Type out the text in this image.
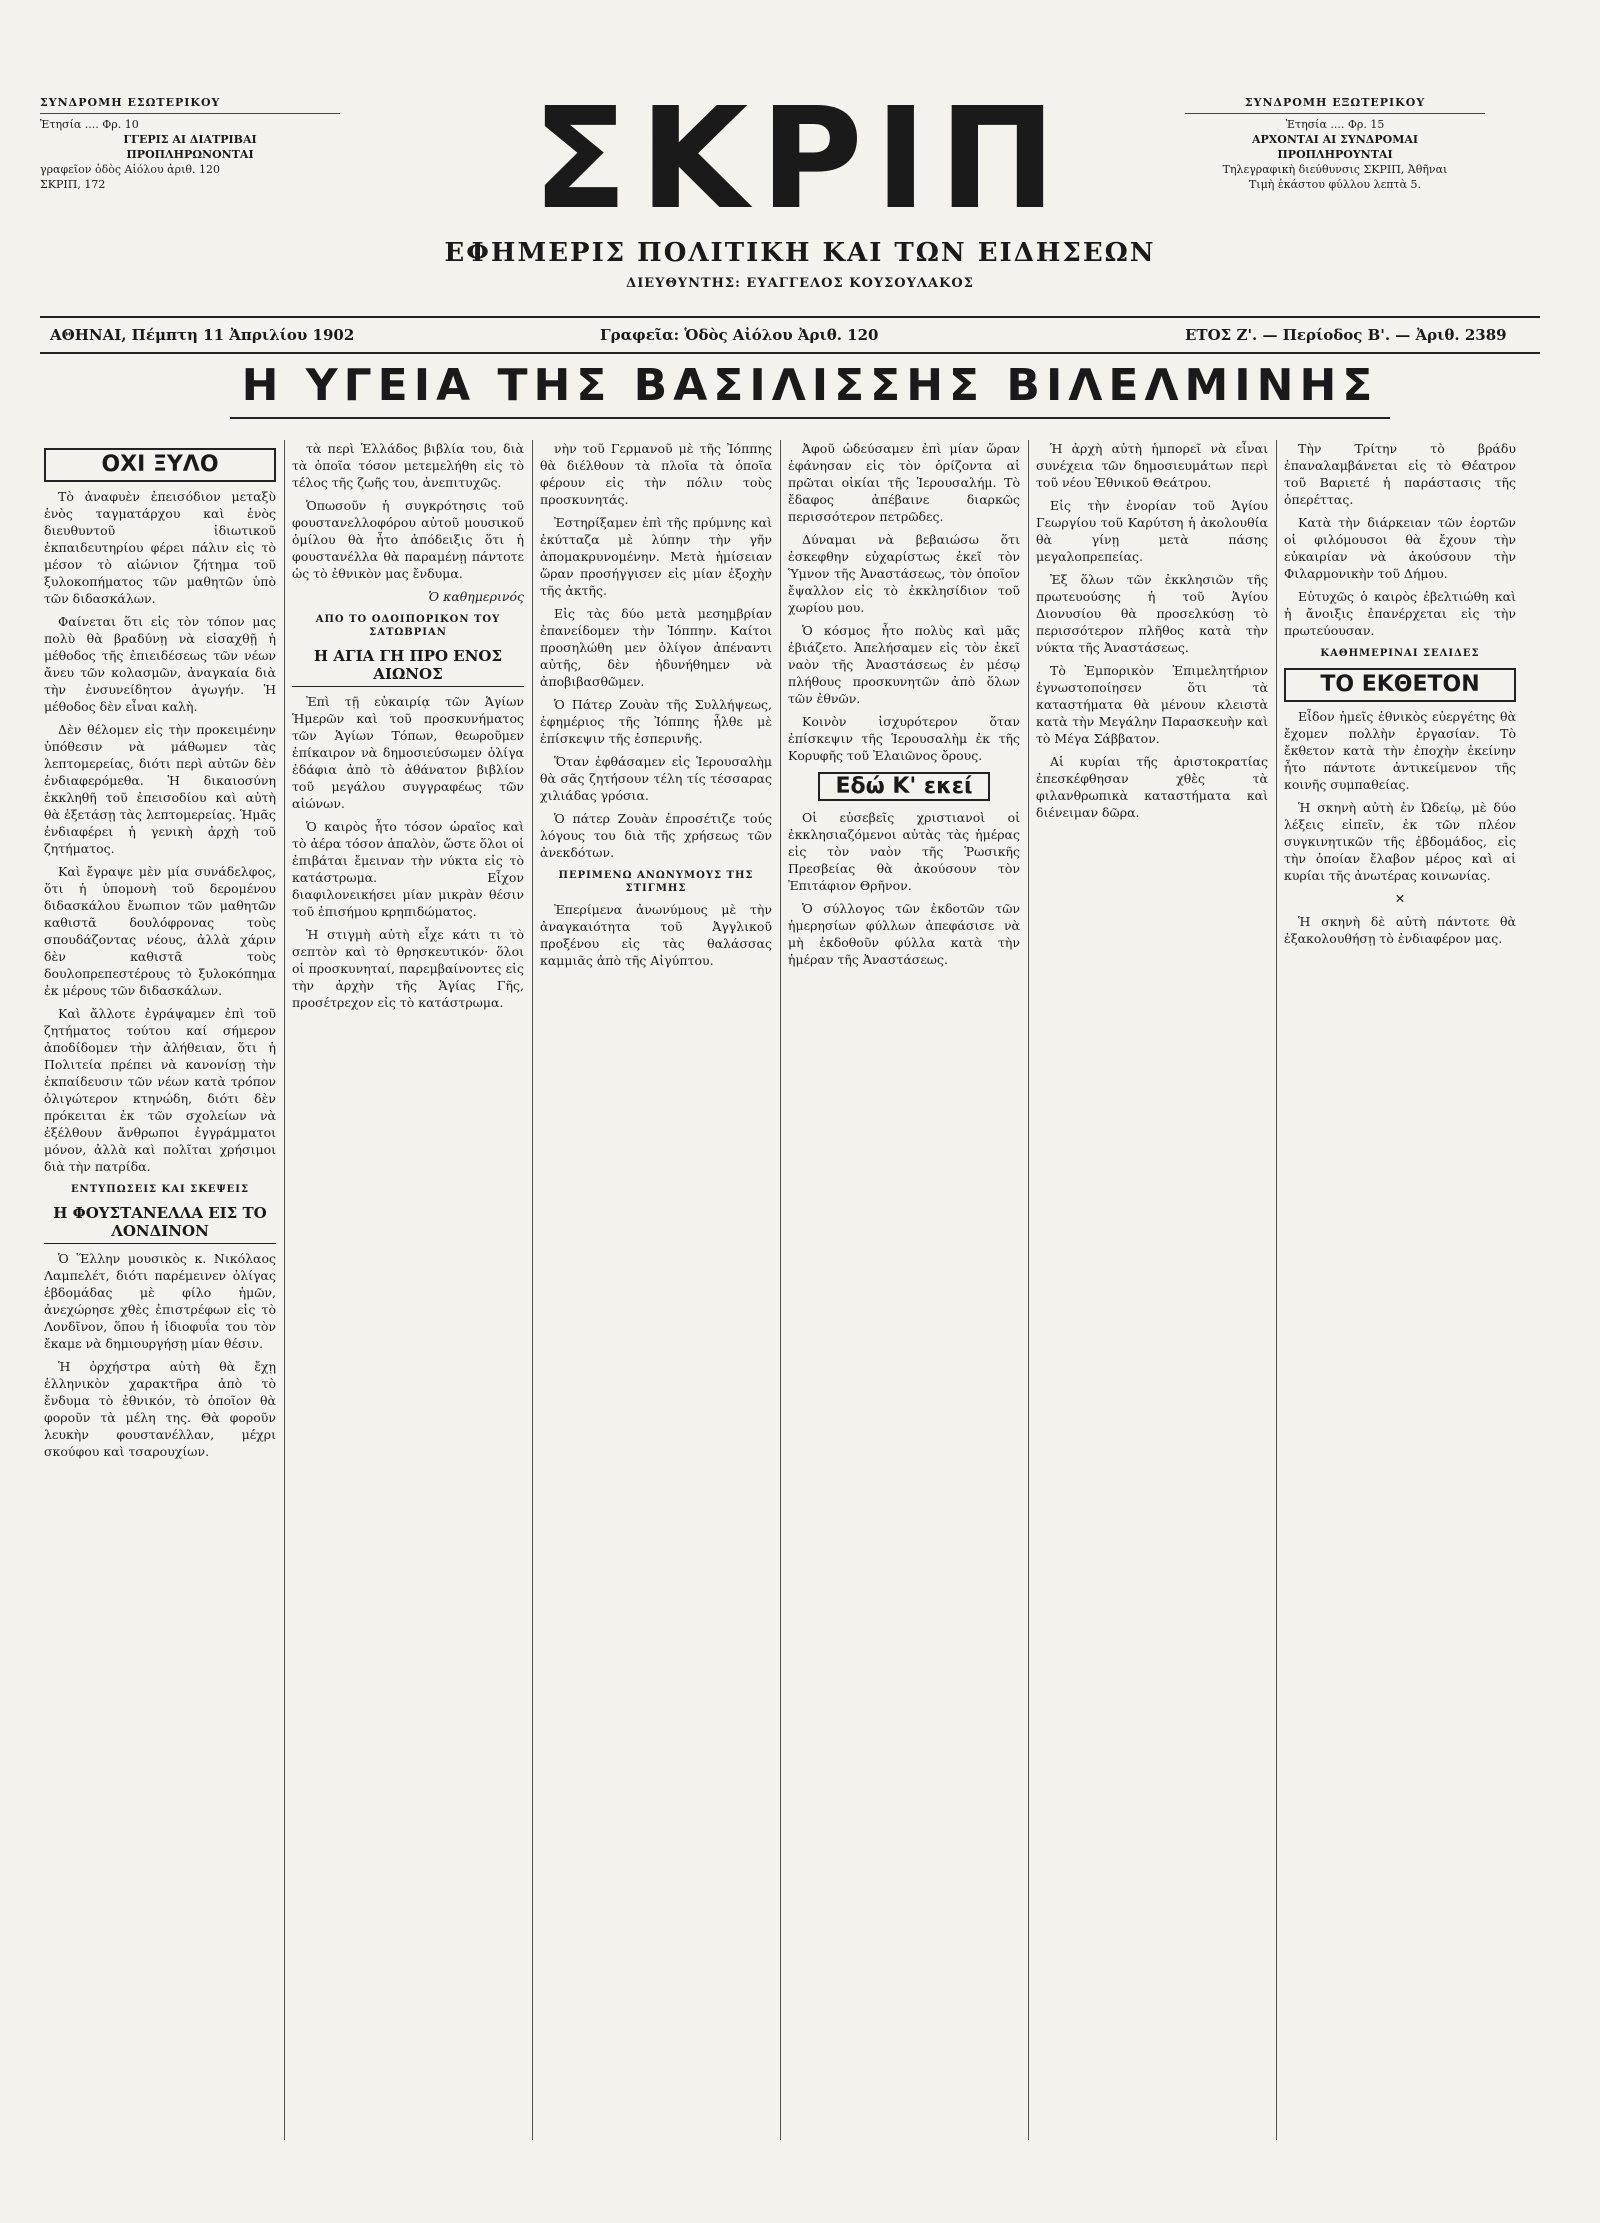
ΣΥΝΔΡΟΜΗ ΕΣΩΤΕΡΙΚΟΥ
Ἐτησία .... Φρ. 10
ΓΓΕΡΙΣ ΑΙ ΔΙΑΤΡΙΒΑΙ
ΠΡΟΠΛΗΡΩΝΟΝΤΑΙ
γραφεῖον ὁδὸς Αἰόλου ἀριθ. 120
ΣΚΡΙΠ, 172	ΣΚΡΙΠ
ΕΦΗΜΕΡΙΣ ΠΟΛΙΤΙΚΗ ΚΑΙ ΤΩΝ ΕΙΔΗΣΕΩΝ
ΔΙΕΥΘΥΝΤΗΣ: ΕΥΑΓΓΕΛΟΣ ΚΟΥΣΟΥΛΑΚΟΣ
ΣΥΝΔΡΟΜΗ ΕΞΩΤΕΡΙΚΟΥ
Ἐτησία .... Φρ. 15
ΑΡΧΟΝΤΑΙ ΑΙ ΣΥΝΔΡΟΜΑΙ
ΠΡΟΠΛΗΡΟΥΝΤΑΙ
Τηλεγραφικὴ διεύθυνσις ΣΚΡΙΠ, Ἀθῆναι
Τιμὴ ἑκάστου φύλλου λεπτὰ 5.
ΑΘΗΝΑΙ, Πέμπτη 11 Ἀπριλίου 1902	Γραφεῖα: Ὁδὸς Αἰόλου Ἀριθ. 120	ΕΤΟΣ Ζ'. — Περίοδος Β'. — Ἀριθ. 2389
Η ΥΓΕΙΑ ΤΗΣ ΒΑΣΙΛΙΣΣΗΣ ΒΙΛΕΛΜΙΝΗΣ
ΟΧΙ ΞΥΛΟ

Τὸ ἀναφυὲν ἐπεισόδιον μεταξὺ ἑνὸς ταγματάρχου καὶ ἑνὸς διευθυντοῦ ἰδιωτικοῦ ἐκπαιδευτηρίου φέρει πάλιν εἰς τὸ μέσον τὸ αἰώνιον ζήτημα τοῦ ξυλοκοπήματος τῶν μαθητῶν ὑπὸ τῶν διδασκάλων.

Φαίνεται ὅτι εἰς τὸν τόπον μας πολὺ θὰ βραδύνῃ νὰ εἰσαχθῇ ἡ μέθοδος τῆς ἐπιειδέσεως τῶν νέων ἄνευ τῶν κολασμῶν, ἀναγκαία διὰ τὴν ἐνσυνείδητον ἀγωγήν. Ἡ μέθοδος δὲν εἶναι καλὴ.

Δὲν θέλομεν εἰς τὴν προκειμένην ὑπόθεσιν νὰ μάθωμεν τὰς λεπτομερείας, διότι περὶ αὐτῶν δὲν ἐνδιαφερόμεθα. Ἡ δικαιοσύνη ἐκκληθῆ τοῦ ἐπεισοδίου καὶ αὐτὴ θὰ ἐξετάσῃ τὰς λεπτομερείας. Ἡμᾶς ἐνδιαφέρει ἡ γενικὴ ἀρχὴ τοῦ ζητήματος.

Καὶ ἔγραψε μὲν μία συνάδελφος, ὅτι ἡ ὑπομονὴ τοῦ δερομένου διδασκάλου ἔνωπιον τῶν μαθητῶν καθιστᾶ δουλόφρονας τοὺς σπουδάζοντας νέους, ἀλλὰ χάριν δὲν καθιστᾶ τοὺς δουλοπρεπεστέρους τὸ ξυλοκόπημα ἐκ μέρους τῶν διδασκάλων.

Καὶ ἄλλοτε ἐγράψαμεν ἐπὶ τοῦ ζητήματος τούτου καί σήμερον ἀποδίδομεν τὴν ἀλήθειαν, ὅτι ἡ Πολιτεία πρέπει νὰ κανονίσῃ τὴν ἐκπαίδευσιν τῶν νέων κατὰ τρόπον ὀλιγώτερον κτηνώδη, διότι δὲν πρόκειται ἐκ τῶν σχολείων νὰ ἐξέλθουν ἄνθρωποι ἐγγράμματοι μόνον, ἀλλὰ καὶ πολῖται χρήσιμοι διὰ τὴν πατρίδα.

ΕΝΤΥΠΩΣΕΙΣ ΚΑΙ ΣΚΕΨΕΙΣ
Η ΦΟΥΣΤΑΝΕΛΛΑ ΕΙΣ ΤΟ ΛΟΝΔΙΝΟΝ

Ὁ Ἕλλην μουσικὸς κ. Νικόλαος Λαμπελέτ, διότι παρέμεινεν ὀλίγας ἑβδομάδας μὲ φίλο ἡμῶν, ἀνεχώρησε χθὲς ἐπιστρέφων εἰς τὸ Λονδῖνον, ὅπου ἡ ἱδιοφυΐα του τὸν ἔκαμε νὰ δημιουργήσῃ μίαν θέσιν.

Ἡ ὀρχήστρα αὐτὴ θὰ ἔχῃ ἑλληνικὸν χαρακτῆρα ἀπὸ τὸ ἔνδυμα τὸ ἐθνικόν, τὸ ὁποῖον θὰ φοροῦν τὰ μέλη της. Θὰ φοροῦν λευκὴν φουστανέλλαν, μέχρι σκούφου καὶ τσαρουχίων.

τὰ περὶ Ἑλλάδος βιβλία του, διὰ τὰ ὁποῖα τόσον μετεμελήθη εἰς τὸ τέλος τῆς ζωῆς του, ἀνεπιτυχῶς.

Ὁπωσοῦν ἡ συγκρότησις τοῦ φουστανελλοφόρου αὐτοῦ μουσικοῦ ὁμίλου θὰ ἦτο ἀπόδειξις ὅτι ἡ φουστανέλλα θὰ παραμένῃ πάντοτε ὡς τὸ ἐθνικὸν μας ἔνδυμα.

Ὁ καθημερινός

ΑΠΟ ΤΟ ΟΔΟΙΠΟΡΙΚΟΝ ΤΟΥ ΣΑΤΩΒΡΙΑΝ
Η ΑΓΙΑ ΓΗ ΠΡΟ ΕΝΟΣ ΑΙΩΝΟΣ

Ἐπὶ τῇ εὐκαιρίᾳ τῶν Ἁγίων Ἡμερῶν καὶ τοῦ προσκυνήματος τῶν Ἁγίων Τόπων, θεωροῦμεν ἐπίκαιρον νὰ δημοσιεύσωμεν ὀλίγα ἐδάφια ἀπὸ τὸ ἀθάνατον βιβλίον τοῦ μεγάλου συγγραφέως τῶν αἰώνων.

Ὁ καιρὸς ἦτο τόσον ὡραῖος καὶ τὸ ἀέρα τόσον ἁπαλὸν, ὥστε ὅλοι οἱ ἐπιβάται ἔμειναν τὴν νύκτα εἰς τὸ κατάστρωμα. Εἶχον διαφιλονεικήσει μίαν μικρὰν θέσιν τοῦ ἐπισήμου κρηπιδώματος.

Ἡ στιγμὴ αὐτὴ εἶχε κάτι τι τὸ σεπτὸν καὶ τὸ θρησκευτικόν· ὅλοι οἱ προσκυνηταί, παρεμβαίνοντες εἰς τὴν ἀρχὴν τῆς Ἁγίας Γῆς, προσέτρεχον εἰς τὸ κατάστρωμα.

νὴν τοῦ Γερμανοῦ μὲ τῆς Ἰόππης θὰ διέλθουν τὰ πλοῖα τὰ ὁποῖα φέρουν εἰς τὴν πόλιν τοὺς προσκυνητάς.

Ἐστηρίξαμεν ἐπὶ τῆς πρύμνης καὶ ἐκύτταζα μὲ λύπην τὴν γῆν ἀπομακρυνομένην. Μετὰ ἡμίσειαν ὥραν προσήγγισεν εἰς μίαν ἐξοχὴν τῆς ἀκτῆς.

Εἰς τὰς δύο μετὰ μεσημβρίαν ἐπανείδομεν τὴν Ἰόππην. Καίτοι προσηλώθη μεν ὀλίγον ἀπέναντι αὐτῆς, δὲν ἠδυνήθημεν νὰ ἀποβιβασθῶμεν.

Ὁ Πάτερ Ζουὰν τῆς Συλλήψεως, ἐφημέριος τῆς Ἰόππης ἦλθε μὲ ἐπίσκεψιν τῆς ἐσπερινῆς.

Ὅταν ἐφθάσαμεν εἰς Ἱερουσαλὴμ θὰ σᾶς ζητήσουν τέλη τίς τέσσαρας χιλιάδας γρόσια.

Ὁ πάτερ Ζουὰν ἐπροσέτιζε τούς λόγους του διὰ τῆς χρήσεως τῶν ἀνεκδότων.

ΠΕΡΙΜΕΝΩ ΑΝΩΝΥΜΟΥΣ ΤΗΣ ΣΤΙΓΜΗΣ

Ἐπερίμενα ἀνωνύμους μὲ τὴν ἀναγκαιότητα τοῦ Ἀγγλικοῦ προξένου εἰς τὰς θαλάσσας καμμιᾶς ἀπὸ τῆς Αἰγύπτου.

Ἀφοῦ ὡδεύσαμεν ἐπὶ μίαν ὥραν ἐφάνησαν εἰς τὸν ὁρίζοντα αἱ πρῶται οἰκίαι τῆς Ἱερουσαλήμ. Τὸ ἔδαφος ἀπέβαινε διαρκῶς περισσότερον πετρῶδες.

Δύναμαι νὰ βεβαιώσω ὅτι ἐσκεφθην εὐχαρίστως ἐκεῖ τὸν Ὑμνον τῆς Ἀναστάσεως, τὸν ὁποῖον ἔψαλλον εἰς τὸ ἐκκλησίδιον τοῦ χωρίου μου.

Ὁ κόσμος ἦτο πολὺς καὶ μᾶς ἐβιάζετο. Ἀπελήσαμεν εἰς τὸν ἐκεῖ ναὸν τῆς Ἀναστάσεως ἐν μέσῳ πλήθους προσκυνητῶν ἀπὸ ὅλων τῶν ἐθνῶν.

Κοινὸν ἰσχυρότερον ὅταν ἐπίσκεψιν τῆς Ἱερουσαλὴμ ἐκ τῆς Κορυφῆς τοῦ Ἐλαιῶνος ὄρους.

Εδώ Κ' εκεί

Οἱ εὐσεβεῖς χριστιανοὶ οἱ ἐκκλησιαζόμενοι αὐτὰς τὰς ἡμέρας εἰς τὸν ναὸν τῆς Ῥωσικῆς Πρεσβείας θὰ ἀκούσουν τὸν Ἐπιτάφιον Θρῆνον.

Ὁ σύλλογος τῶν ἐκδοτῶν τῶν ἡμερησίων φύλλων ἀπεφάσισε νὰ μὴ ἐκδοθοῦν φύλλα κατὰ τὴν ἡμέραν τῆς Ἀναστάσεως.

Ἡ ἀρχὴ αὐτὴ ἡμπορεῖ νὰ εἶναι συνέχεια τῶν δημοσιευμάτων περὶ τοῦ νέου Ἐθνικοῦ Θεάτρου.

Εἰς τὴν ἐνορίαν τοῦ Ἁγίου Γεωργίου τοῦ Καρύτση ἡ ἀκολουθία θὰ γίνῃ μετὰ πάσης μεγαλοπρεπείας.

Ἐξ ὅλων τῶν ἐκκλησιῶν τῆς πρωτευούσης ἡ τοῦ Ἁγίου Διονυσίου θὰ προσελκύσῃ τὸ περισσότερον πλῆθος κατὰ τὴν νύκτα τῆς Ἀναστάσεως.

Τὸ Ἐμπορικὸν Ἐπιμελητήριον ἐγνωστοποίησεν ὅτι τὰ καταστήματα θὰ μένουν κλειστὰ κατὰ τὴν Μεγάλην Παρασκευὴν καὶ τὸ Μέγα Σάββατον.

Αἱ κυρίαι τῆς ἀριστοκρατίας ἐπεσκέφθησαν χθὲς τὰ φιλανθρωπικὰ καταστήματα καὶ διένειμαν δῶρα.

Τὴν Τρίτην τὸ βράδυ ἐπαναλαμβάνεται εἰς τὸ Θέατρον τοῦ Βαριετέ ἡ παράστασις τῆς ὀπερέττας.

Κατὰ τὴν διάρκειαν τῶν ἑορτῶν οἱ φιλόμουσοι θὰ ἔχουν τὴν εὐκαιρίαν νὰ ἀκούσουν τὴν Φιλαρμονικὴν τοῦ Δήμου.

Εὐτυχῶς ὁ καιρὸς ἐβελτιώθη καὶ ἡ ἄνοιξις ἐπανέρχεται εἰς τὴν πρωτεύουσαν.

ΚΑΘΗΜΕΡΙΝΑΙ ΣΕΛΙΔΕΣ
ΤΟ ΕΚΘΕΤΟΝ

Εἶδον ἡμεῖς ἐθνικὸς εὐεργέτης θὰ ἔχομεν πολλὴν ἐργασίαν. Τὸ ἔκθετον κατὰ τὴν ἐποχὴν ἐκείνην ἦτο πάντοτε ἀντικείμενον τῆς κοινῆς συμπαθείας.

Ἡ σκηνὴ αὐτὴ ἐν Ὠδείῳ, μὲ δύο λέξεις εἰπεῖν, ἐκ τῶν πλέον συγκινητικῶν τῆς ἐβδομάδος, εἰς τὴν ὁποίαν ἔλαβον μέρος καὶ αἱ κυρίαι τῆς ἀνωτέρας κοινωνίας.

✕

Ἡ σκηνὴ δὲ αὐτὴ πάντοτε θὰ ἐξακολουθήσῃ τὸ ἐνδιαφέρον μας.
